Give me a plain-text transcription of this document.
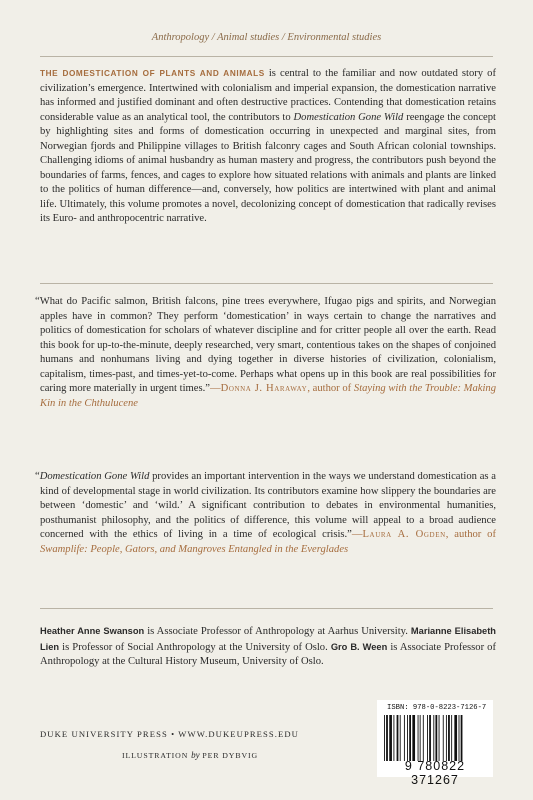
Anthropology / Animal studies / Environmental studies
THE DOMESTICATION OF PLANTS AND ANIMALS is central to the familiar and now outdated story of civilization’s emergence. Intertwined with colonialism and imperial expansion, the domestication narrative has informed and justified dominant and often destructive practices. Contending that domestication retains considerable value as an analytical tool, the contributors to Domestication Gone Wild reengage the concept by highlighting sites and forms of domestication occurring in unexpected and marginal sites, from Norwegian fjords and Philippine villages to British falconry cages and South African colonial townships. Challenging idioms of animal husbandry as human mastery and progress, the contributors push beyond the boundaries of farms, fences, and cages to explore how situated relations with animals and plants are linked to the politics of human difference—and, conversely, how politics are intertwined with plant and animal life. Ultimately, this volume promotes a novel, decolonizing concept of domestication that radically revises its Euro- and anthropocentric narrative.
“What do Pacific salmon, British falcons, pine trees everywhere, Ifugao pigs and spirits, and Norwegian apples have in common? They perform ‘domestication’ in ways certain to change the narratives and politics of domestication for scholars of whatever discipline and for critter people all over the earth. Read this book for up-to-the-minute, deeply researched, very smart, contentious takes on the shapes of conjoined humans and nonhumans living and dying together in diverse histories of civilization, colonialism, capitalism, times-past, and times-yet-to-come. Perhaps what opens up in this book are real possibilities for caring more materially in urgent times.”—Donna J. Haraway, author of Staying with the Trouble: Making Kin in the Chthulucene
“Domestication Gone Wild provides an important intervention in the ways we understand domestication as a kind of developmental stage in world civilization. Its contributors examine how slippery the boundaries are between ‘domestic’ and ‘wild.’ A significant contribution to debates in environmental humanities, posthumanist philosophy, and the politics of difference, this volume will appeal to a broad audience concerned with the ethics of living in a time of ecological crisis.”—Laura A. Ogden, author of Swamplife: People, Gators, and Mangroves Entangled in the Everglades
Heather Anne Swanson is Associate Professor of Anthropology at Aarhus University. Marianne Elisabeth Lien is Professor of Social Anthropology at the University of Oslo. Gro B. Ween is Associate Professor of Anthropology at the Cultural History Museum, University of Oslo.
DUKE UNIVERSITY PRESS • WWW.DUKEUPRESS.EDU
ILLUSTRATION by PER DYBVIG
ISBN: 978-0-8223-7126-7
9 780822 371267
